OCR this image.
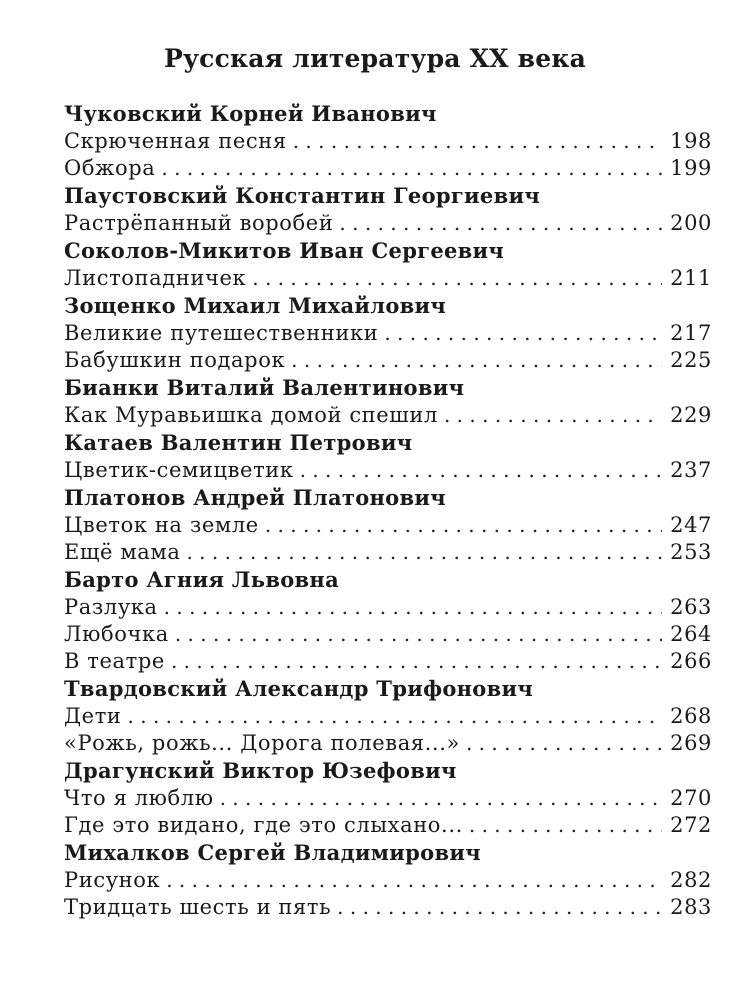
Русская литература XX века
Чуковский Корней Иванович
Скрюченная песня . . .	198
Обжора . . .	199
Паустовский Константин Георгиевич
Растрёпанный воробей . . .	200
Соколов-Микитов Иван Сергеевич
Листопадничек . . .	211
Зощенко Михаил Михайлович
Великие путешественники . . .	217
Бабушкин подарок . . .	225
Бианки Виталий Валентинович
Как Муравьишка домой спешил . . .	229
Катаев Валентин Петрович
Цветик-семицветик . . .	237
Платонов Андрей Платонович
Цветок на земле . . .	247
Ещё мама . . .	253
Барто Агния Львовна
Разлука . . .	263
Любочка . . .	264
В театре . . .	266
Твардовский Александр Трифонович
Дети . . .	268
«Рожь, рожь... Дорога полевая...» . . .	269
Драгунский Виктор Юзефович
Что я люблю . . .	270
Где это видано, где это слыхано... . . .	272
Михалков Сергей Владимирович
Рисунок . . .	282
Тридцать шесть и пять . . .	283
